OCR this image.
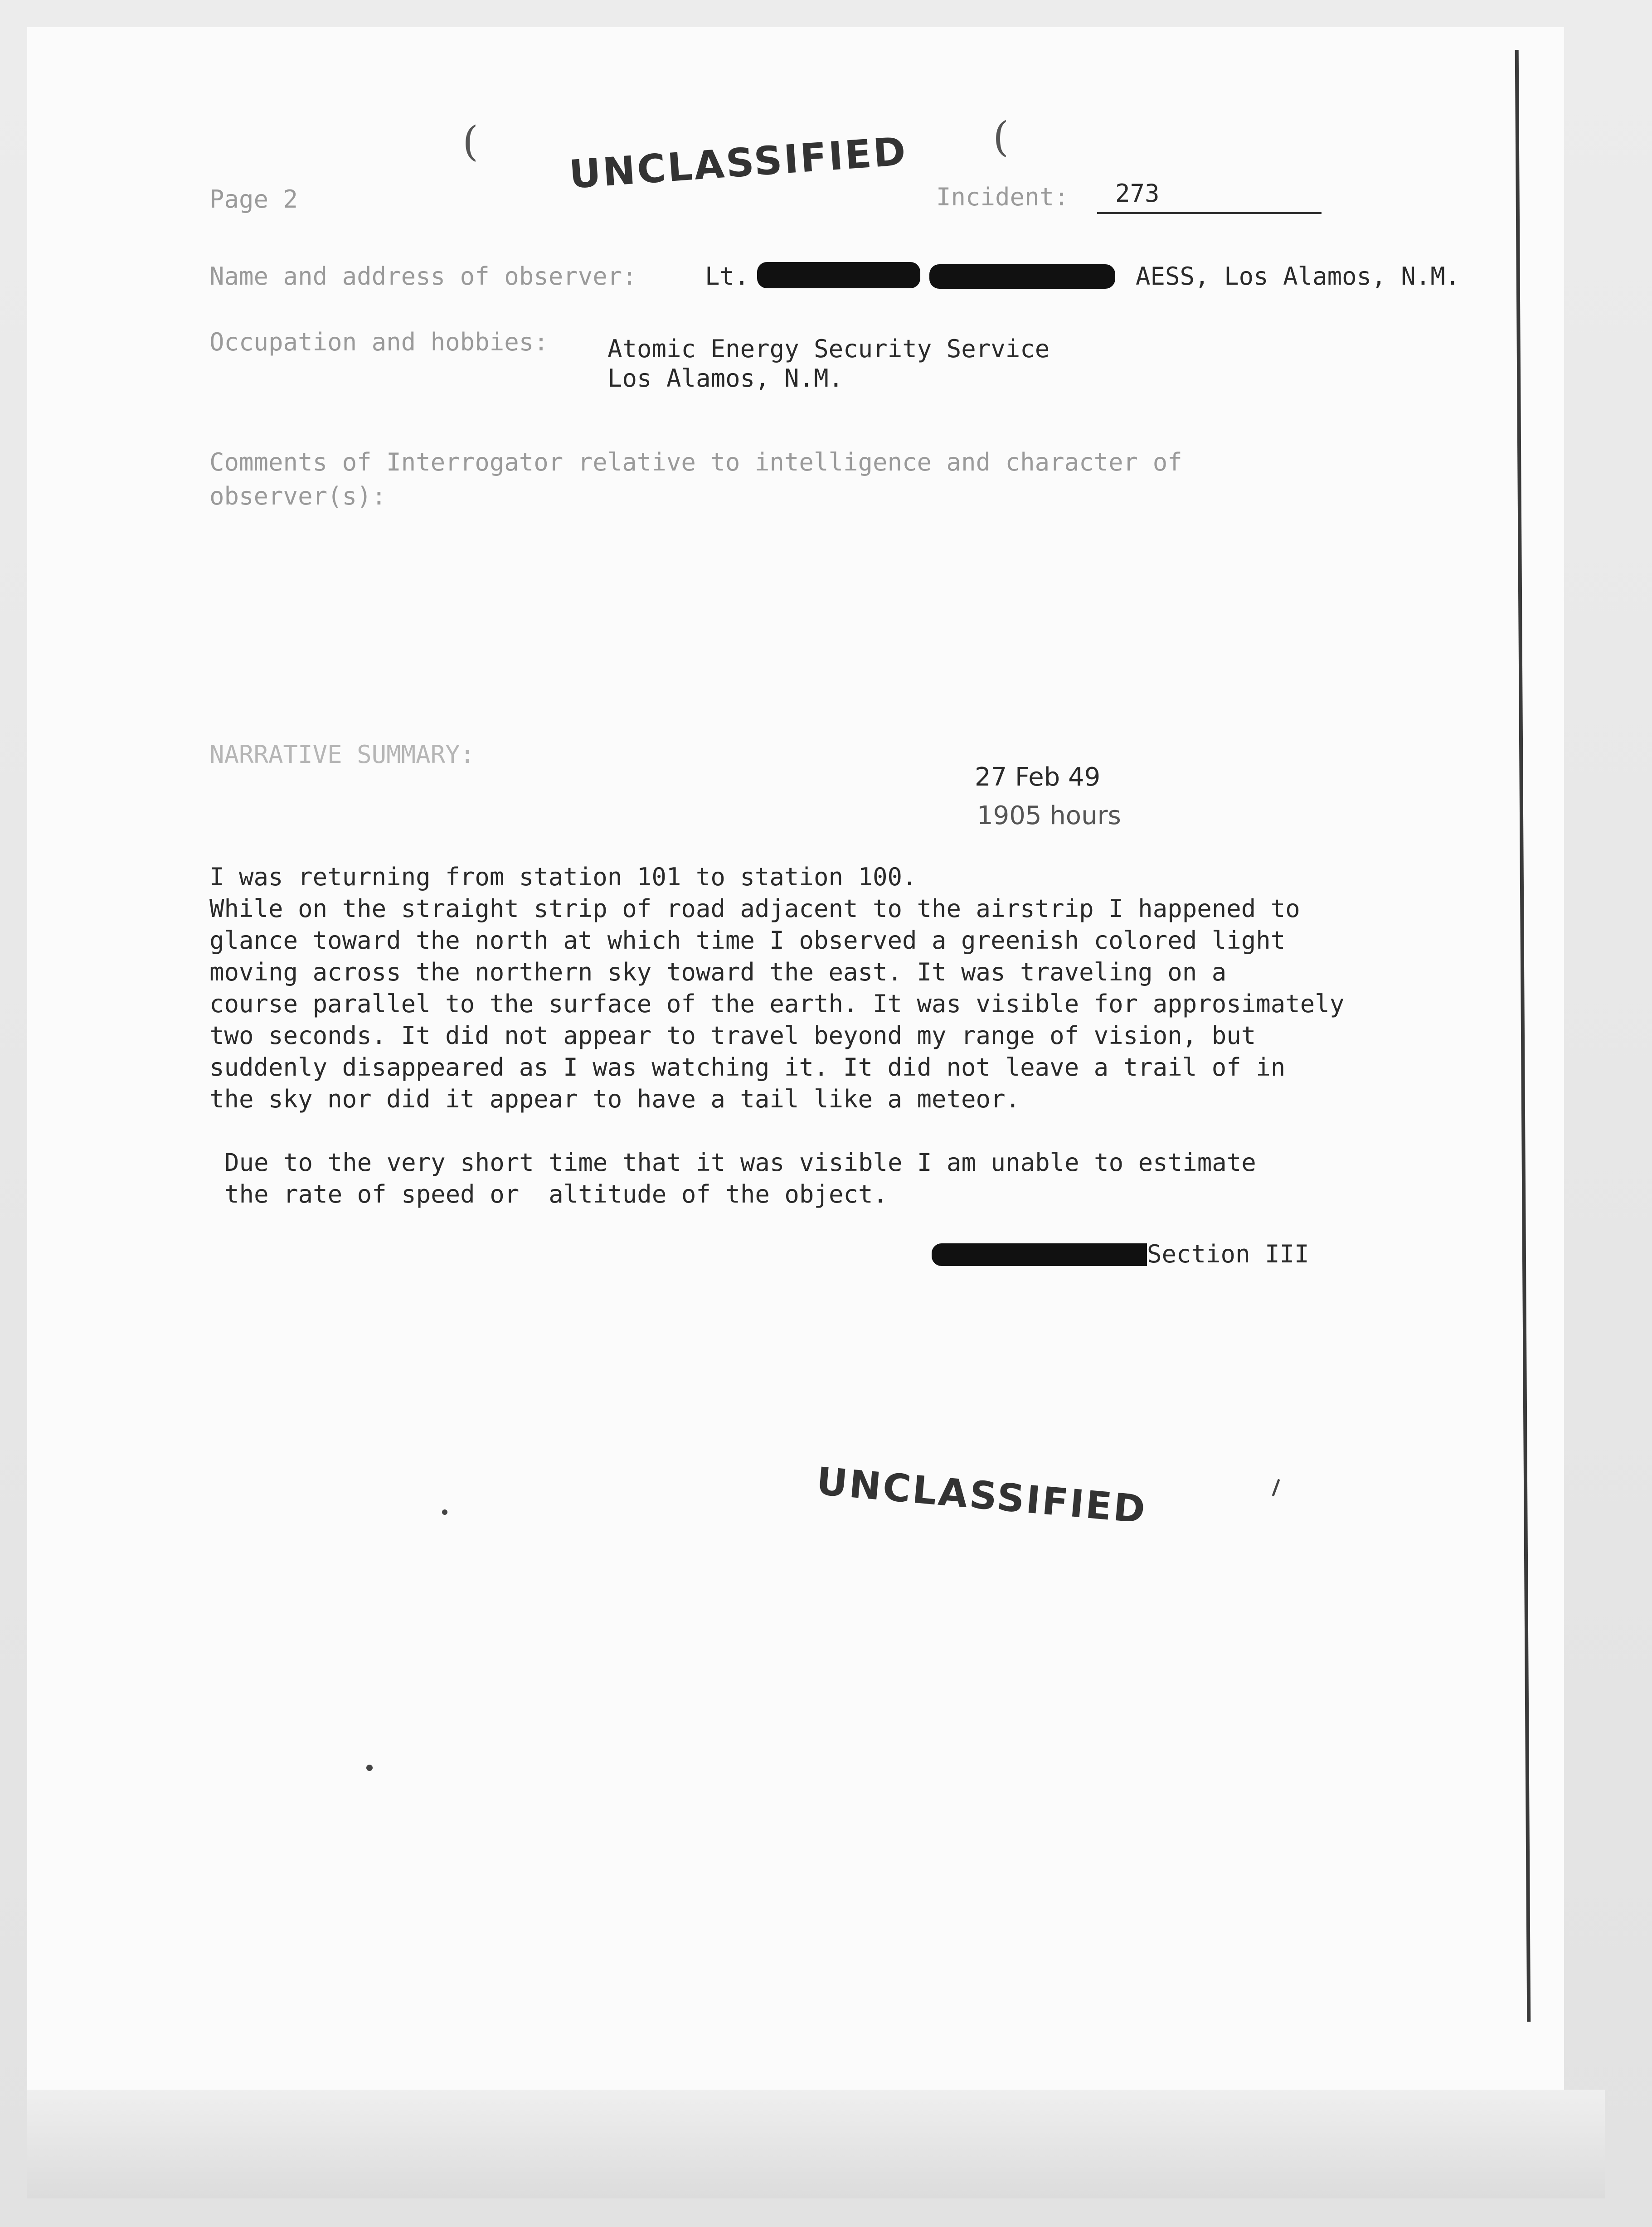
(	(
UNCLASSIFIED
Page 2	Incident: 273
Name and address of observer:	Lt.	AESS, Los Alamos, N.M.
Occupation and hobbies: Atomic Energy Security Service
Los Alamos, N.M.
Comments of Interrogator relative to intelligence and character of
observer(s):
NARRATIVE SUMMARY:
27 Feb 49
1905 hours
I was returning from station 101 to station 100.
While on the straight strip of road adjacent to the airstrip I happened to
glance toward the north at which time I observed a greenish colored light
moving across the northern sky toward the east. It was traveling on a
course parallel to the surface of the earth. It was visible for approsimately
two seconds. It did not appear to travel beyond my range of vision, but
suddenly disappeared as I was watching it. It did not leave a trail of in
the sky nor did it appear to have a tail like a meteor.
Due to the very short time that it was visible I am unable to estimate
the rate of speed or  altitude of the object.
Section III
UNCLASSIFIED
